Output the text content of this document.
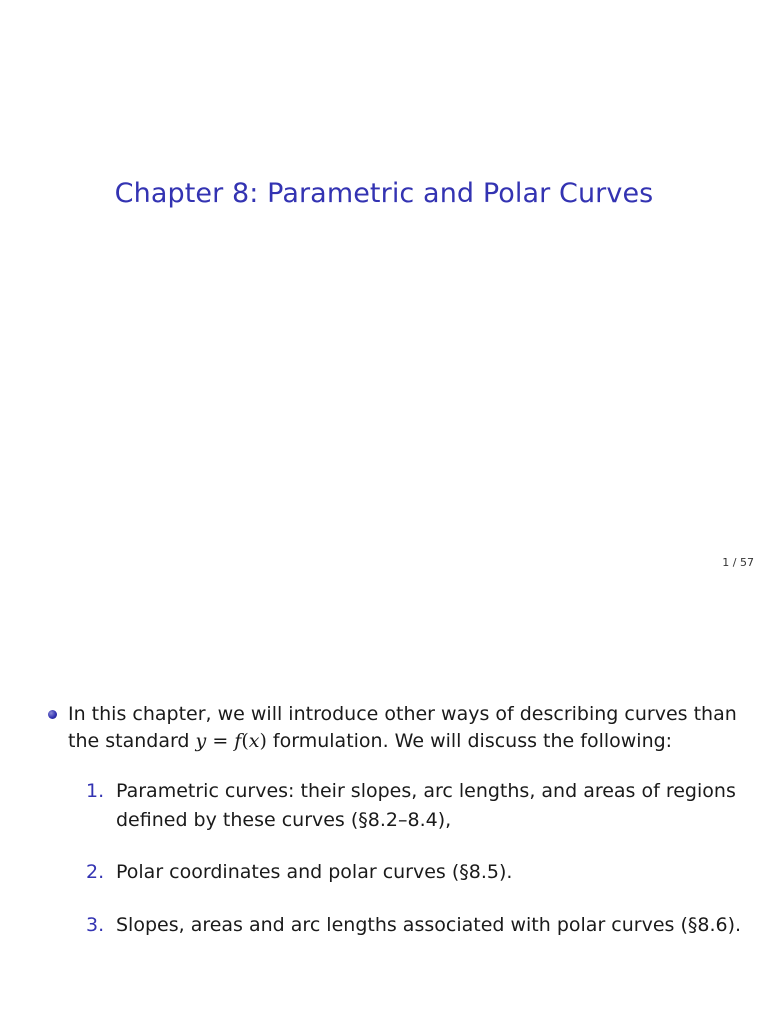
Chapter 8: Parametric and Polar Curves
1 / 57
In this chapter, we will introduce other ways of describing curves than the standard y = f(x) formulation. We will discuss the following:
1. Parametric curves: their slopes, arc lengths, and areas of regions defined by these curves (§8.2–8.4),
2. Polar coordinates and polar curves (§8.5).
3. Slopes, areas and arc lengths associated with polar curves (§8.6).
